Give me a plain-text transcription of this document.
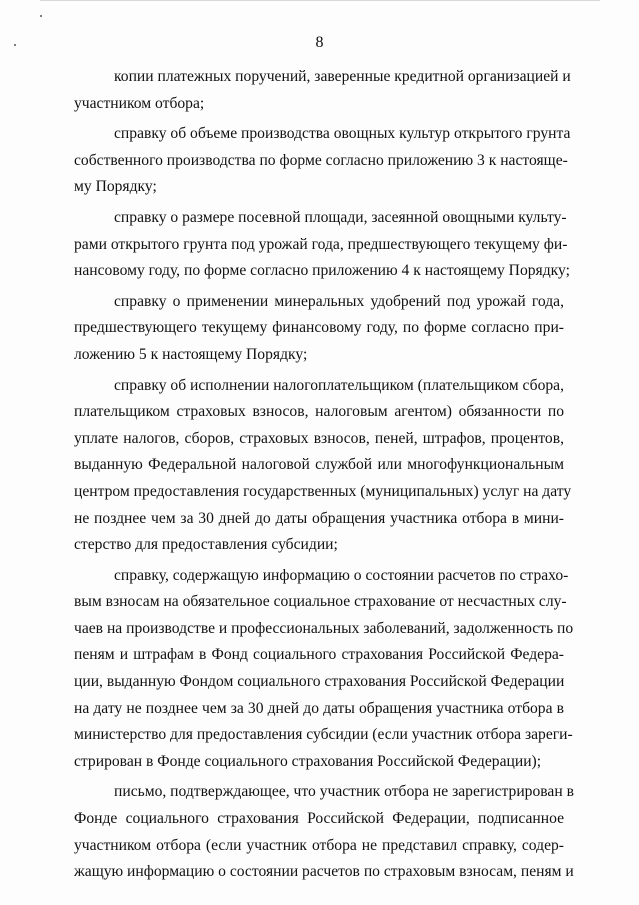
8
копии платежных поручений, заверенные кредитной организацией и
участником отбора;
справку об объеме производства овощных культур открытого грунта
собственного производства по форме согласно приложению 3 к настояще-
му Порядку;
справку о размере посевной площади, засеянной овощными культу-
рами открытого грунта под урожай года, предшествующего текущему фи-
нансовому году, по форме согласно приложению 4 к настоящему Порядку;
справку о применении минеральных удобрений под урожай года,
предшествующего текущему финансовому году, по форме согласно при-
ложению 5 к настоящему Порядку;
справку об исполнении налогоплательщиком (плательщиком сбора,
плательщиком страховых взносов, налоговым агентом) обязанности по
уплате налогов, сборов, страховых взносов, пеней, штрафов, процентов,
выданную Федеральной налоговой службой или многофункциональным
центром предоставления государственных (муниципальных) услуг на дату
не позднее чем за 30 дней до даты обращения участника отбора в мини-
стерство для предоставления субсидии;
справку, содержащую информацию о состоянии расчетов по страхо-
вым взносам на обязательное социальное страхование от несчастных слу-
чаев на производстве и профессиональных заболеваний, задолженность по
пеням и штрафам в Фонд социального страхования Российской Федера-
ции, выданную Фондом социального страхования Российской Федерации
на дату не позднее чем за 30 дней до даты обращения участника отбора в
министерство для предоставления субсидии (если участник отбора зареги-
стрирован в Фонде социального страхования Российской Федерации);
письмо, подтверждающее, что участник отбора не зарегистрирован в
Фонде социального страхования Российской Федерации, подписанное
участником отбора (если участник отбора не представил справку, содер-
жащую информацию о состоянии расчетов по страховым взносам, пеням и
